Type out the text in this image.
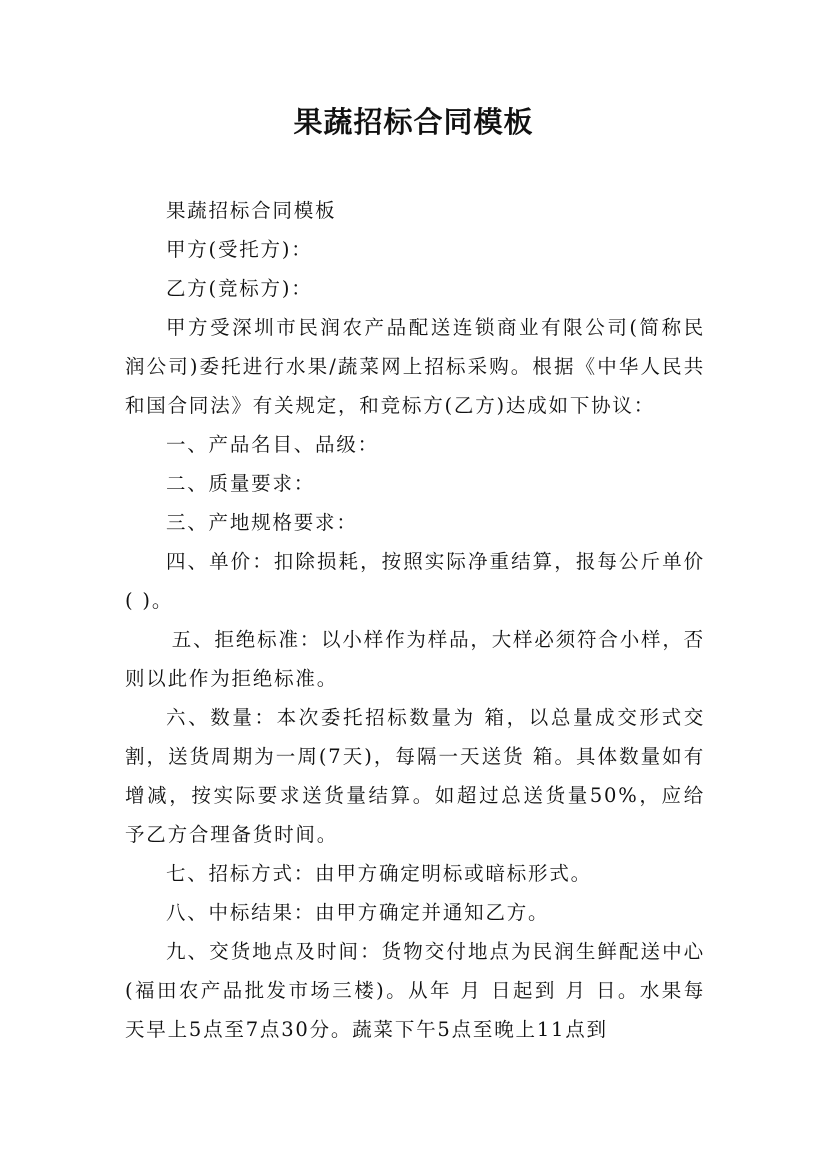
果蔬招标合同模板

果蔬招标合同模板

甲方(受托方)：

乙方(竞标方)：

甲方受深圳市民润农产品配送连锁商业有限公司(简称民润公司)委托进行水果/蔬菜网上招标采购。根据《中华人民共和国合同法》有关规定，和竞标方(乙方)达成如下协议：

一、产品名目、品级：

二、质量要求：

三、产地规格要求：

四、单价：扣除损耗，按照实际净重结算，报每公斤单价( )。

五、拒绝标准：以小样作为样品，大样必须符合小样，否则以此作为拒绝标准。

六、数量：本次委托招标数量为 箱，以总量成交形式交割，送货周期为一周(7天)，每隔一天送货 箱。具体数量如有增减，按实际要求送货量结算。如超过总送货量50%，应给予乙方合理备货时间。

七、招标方式：由甲方确定明标或暗标形式。

八、中标结果：由甲方确定并通知乙方。

九、交货地点及时间：货物交付地点为民润生鲜配送中心(福田农产品批发市场三楼)。从年 月 日起到 月 日。水果每天早上5点至7点30分。蔬菜下午5点至晚上11点到
